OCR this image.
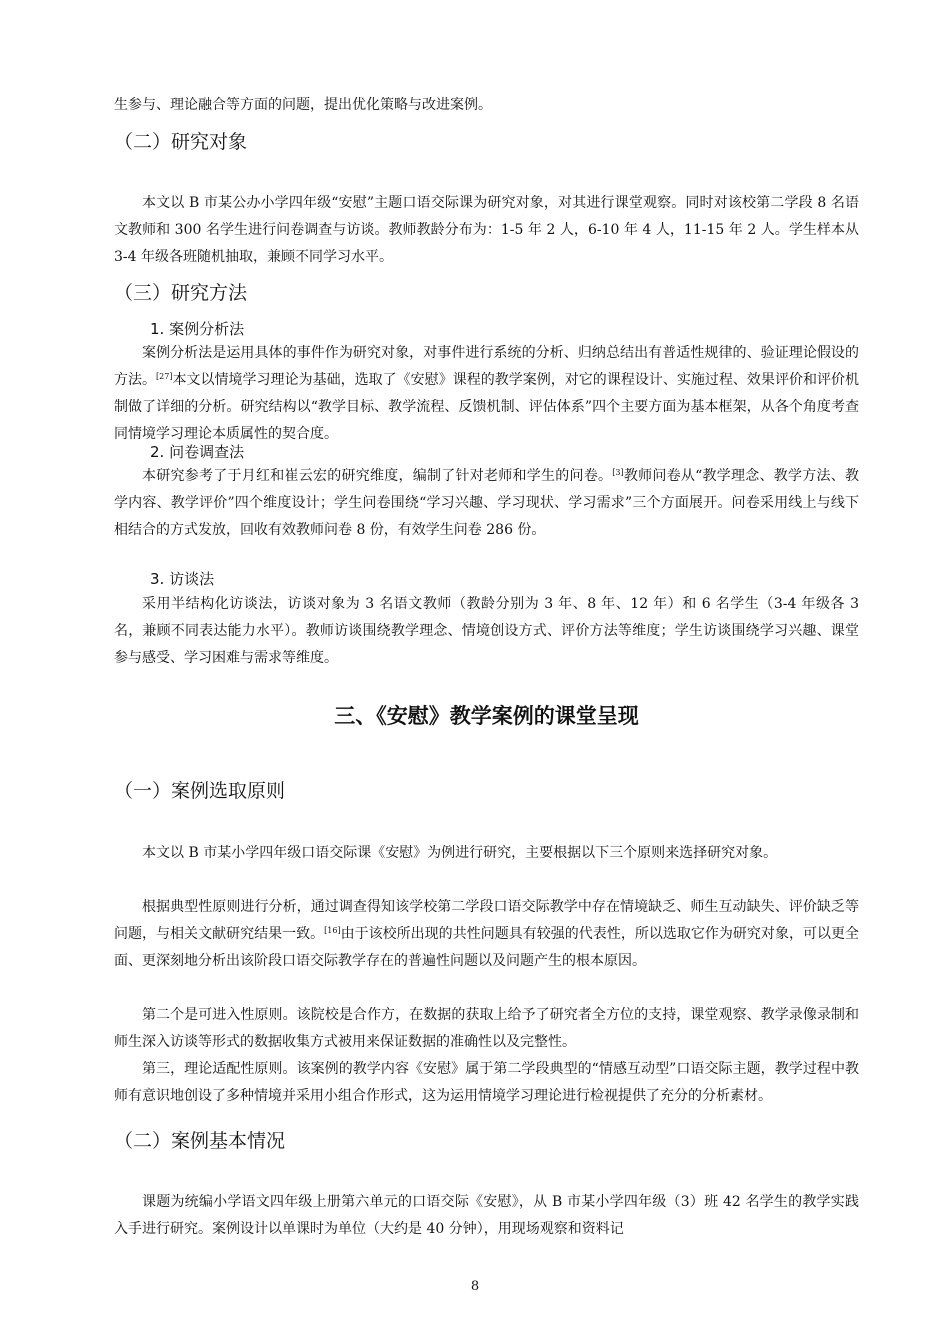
生参与、理论融合等方面的问题，提出优化策略与改进案例。

（二）研究对象

本文以 B 市某公办小学四年级“安慰”主题口语交际课为研究对象，对其进行课堂观察。同时对该校第二学段 8 名语文教师和 300 名学生进行问卷调查与访谈。教师教龄分布为：1-5 年 2 人，6-10 年 4 人，11-15 年 2 人。学生样本从 3-4 年级各班随机抽取，兼顾不同学习水平。

（三）研究方法
1. 案例分析法

案例分析法是运用具体的事件作为研究对象，对事件进行系统的分析、归纳总结出有普适性规律的、验证理论假设的方法。[27]本文以情境学习理论为基础，选取了《安慰》课程的教学案例，对它的课程设计、实施过程、效果评价和评价机制做了详细的分析。研究结构以“教学目标、教学流程、反馈机制、评估体系”四个主要方面为基本框架，从各个角度考查同情境学习理论本质属性的契合度。

2. 问卷调查法

本研究参考了于月红和崔云宏的研究维度，编制了针对老师和学生的问卷。[3]教师问卷从“教学理念、教学方法、教学内容、教学评价”四个维度设计；学生问卷围绕“学习兴趣、学习现状、学习需求”三个方面展开。问卷采用线上与线下相结合的方式发放，回收有效教师问卷 8 份，有效学生问卷 286 份。

3. 访谈法

采用半结构化访谈法，访谈对象为 3 名语文教师（教龄分别为 3 年、8 年、12 年）和 6 名学生（3-4 年级各 3 名，兼顾不同表达能力水平）。教师访谈围绕教学理念、情境创设方式、评价方法等维度；学生访谈围绕学习兴趣、课堂参与感受、学习困难与需求等维度。

三、《安慰》教学案例的课堂呈现
（一）案例选取原则

本文以 B 市某小学四年级口语交际课《安慰》为例进行研究，主要根据以下三个原则来选择研究对象。

根据典型性原则进行分析，通过调查得知该学校第二学段口语交际教学中存在情境缺乏、师生互动缺失、评价缺乏等问题，与相关文献研究结果一致。[16]由于该校所出现的共性问题具有较强的代表性，所以选取它作为研究对象，可以更全面、更深刻地分析出该阶段口语交际教学存在的普遍性问题以及问题产生的根本原因。

第二个是可进入性原则。该院校是合作方，在数据的获取上给予了研究者全方位的支持，课堂观察、教学录像录制和师生深入访谈等形式的数据收集方式被用来保证数据的准确性以及完整性。

第三，理论适配性原则。该案例的教学内容《安慰》属于第二学段典型的“情感互动型”口语交际主题，教学过程中教师有意识地创设了多种情境并采用小组合作形式，这为运用情境学习理论进行检视提供了充分的分析素材。

（二）案例基本情况

课题为统编小学语文四年级上册第六单元的口语交际《安慰》，从 B 市某小学四年级（3）班 42 名学生的教学实践入手进行研究。案例设计以单课时为单位（大约是 40 分钟），用现场观察和资料记

8
